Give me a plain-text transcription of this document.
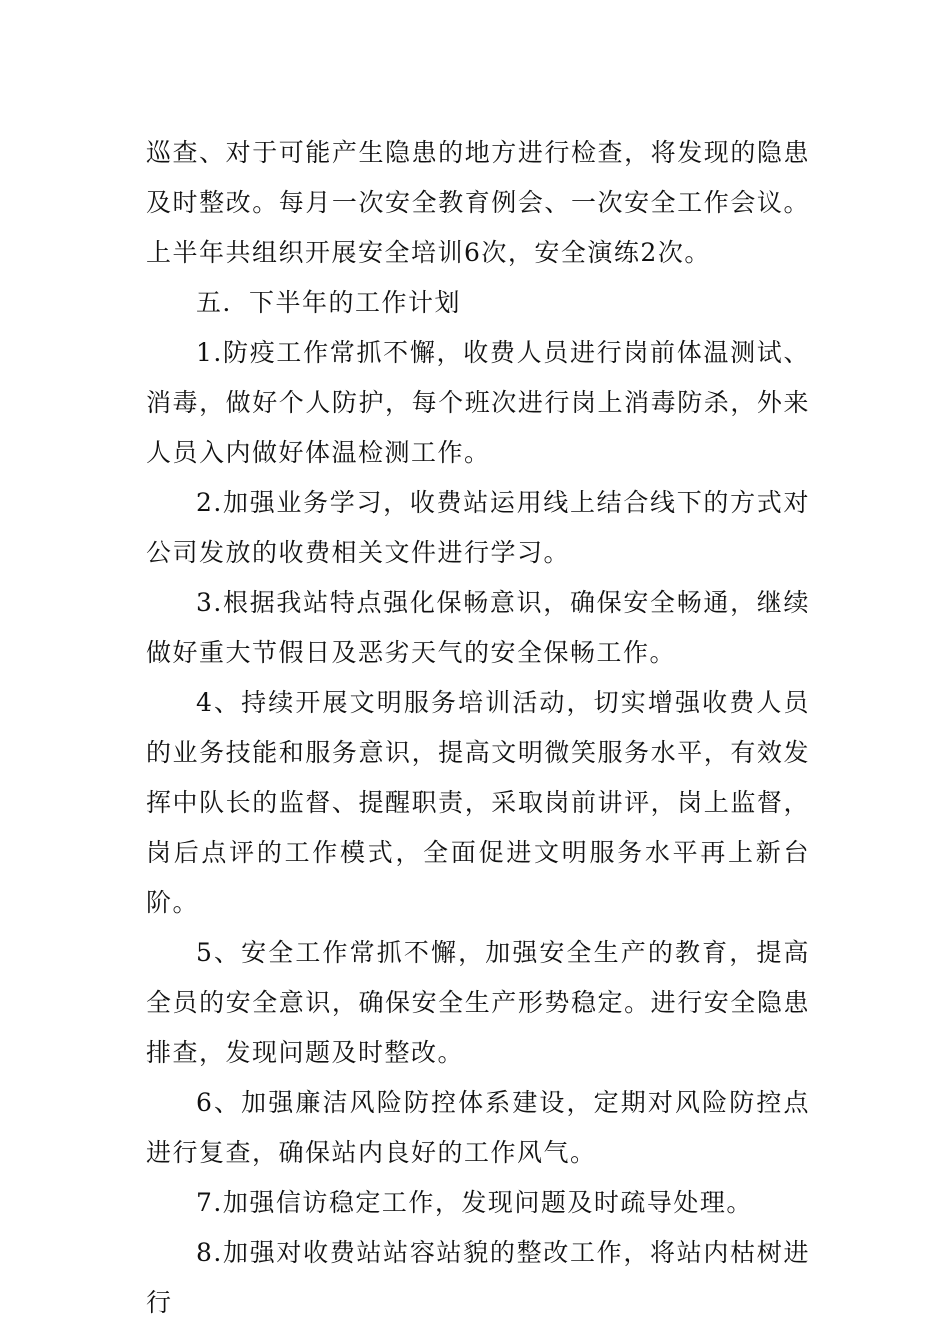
巡查、对于可能产生隐患的地方进行检查，将发现的隐患及时整改。每月一次安全教育例会、一次安全工作会议。上半年共组织开展安全培训6次，安全演练2次。

五．下半年的工作计划

1.防疫工作常抓不懈，收费人员进行岗前体温测试、消毒，做好个人防护，每个班次进行岗上消毒防杀，外来人员入内做好体温检测工作。

2.加强业务学习，收费站运用线上结合线下的方式对公司发放的收费相关文件进行学习。

3.根据我站特点强化保畅意识，确保安全畅通，继续做好重大节假日及恶劣天气的安全保畅工作。

4、持续开展文明服务培训活动，切实增强收费人员的业务技能和服务意识，提高文明微笑服务水平，有效发挥中队长的监督、提醒职责，采取岗前讲评，岗上监督，岗后点评的工作模式，全面促进文明服务水平再上新台阶。

5、安全工作常抓不懈，加强安全生产的教育，提高全员的安全意识，确保安全生产形势稳定。进行安全隐患排查，发现问题及时整改。

6、加强廉洁风险防控体系建设，定期对风险防控点进行复查，确保站内良好的工作风气。

7.加强信访稳定工作，发现问题及时疏导处理。

8.加强对收费站站容站貌的整改工作，将站内枯树进行
